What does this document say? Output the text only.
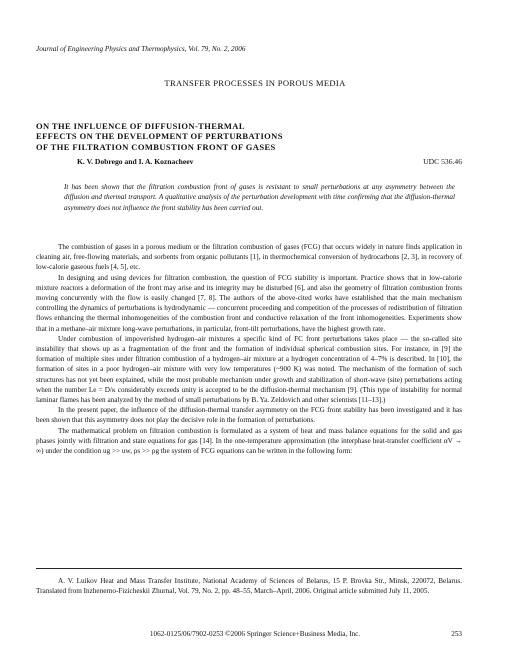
Journal of Engineering Physics and Thermophysics, Vol. 79, No. 2, 2006
TRANSFER PROCESSES IN POROUS MEDIA
ON THE INFLUENCE OF DIFFUSION-THERMAL
EFFECTS ON THE DEVELOPMENT OF PERTURBATIONS
OF THE FILTRATION COMBUSTION FRONT OF GASES
K. V. Dobrego and I. A. Koznacheev	UDC 536.46

It has been shown that the filtration combustion front of gases is resistant to small perturbations at any asymmetry between the diffusion and thermal transport. A qualitative analysis of the perturbation development with time confirming that the diffusion-thermal asymmetry does not influence the front stability has been carried out.

The combustion of gases in a porous medium or the filtration combustion of gases (FCG) that occurs widely in nature finds application in cleaning air, free-flowing materials, and sorbents from organic pollutants [1], in thermochemical conversion of hydrocarbons [2, 3], in recovery of low-calorie gaseous fuels [4, 5], etc.

In designing and using devices for filtration combustion, the question of FCG stability is important. Practice shows that in low-calorie mixture reactors a deformation of the front may arise and its integrity may be disturbed [6], and also the geometry of filtration combustion fronts moving concurrently with the flow is easily changed [7, 8]. The authors of the above-cited works have established that the main mechanism controlling the dynamics of perturbations is hydrodynamic — concurrent proceeding and competition of the processes of redistribution of filtration flows enhancing the thermal inhomogeneities of the combustion front and conductive relaxation of the front inhomogeneities. Experiments show that in a methane–air mixture long-wave perturbations, in particular, front-tilt perturbations, have the highest growth rate.

Under combustion of impoverished hydrogen–air mixtures a specific kind of FC front perturbations takes place — the so-called site instability that shows up as a fragmentation of the front and the formation of individual spherical combustion sites. For instance, in [9] the formation of multiple sites under filtration combustion of a hydrogen–air mixture at a hydrogen concentration of 4–7% is described. In [10], the formation of sites in a poor hydrogen–air mixture with very low temperatures (~900 K) was noted. The mechanism of the formation of such structures has not yet been explained, while the most probable mechanism under growth and stabilization of short-wave (site) perturbations acting when the number Le = D/κ considerably exceeds unity is accepted to be the diffusion-thermal mechanism [9]. (This type of instability for normal laminar flames has been analyzed by the method of small perturbations by B. Ya. Zeldovich and other scientists [11–13].)

In the present paper, the influence of the diffusion-thermal transfer asymmetry on the FCG front stability has been investigated and it has been shown that this asymmetry does not play the decisive role in the formation of perturbations.

The mathematical problem on filtration combustion is formulated as a system of heat and mass balance equations for the solid and gas phases jointly with filtration and state equations for gas [14]. In the one-temperature approximation (the interphase heat-transfer coefficient αV → ∞) under the condition ug >> uw, ρs >> ρg the system of FCG equations can be written in the following form:

A. V. Luikov Heat and Mass Transfer Institute, National Academy of Sciences of Belarus, 15 P. Brovka Str., Minsk, 220072, Belarus. Translated from Inzhenerno-Fizicheskii Zhurnal, Vol. 79, No. 2, pp. 48–55, March–April, 2006. Original article submitted July 11, 2005.

1062-0125/06/7902-0253 ©2006 Springer Science+Business Media, Inc.	253
